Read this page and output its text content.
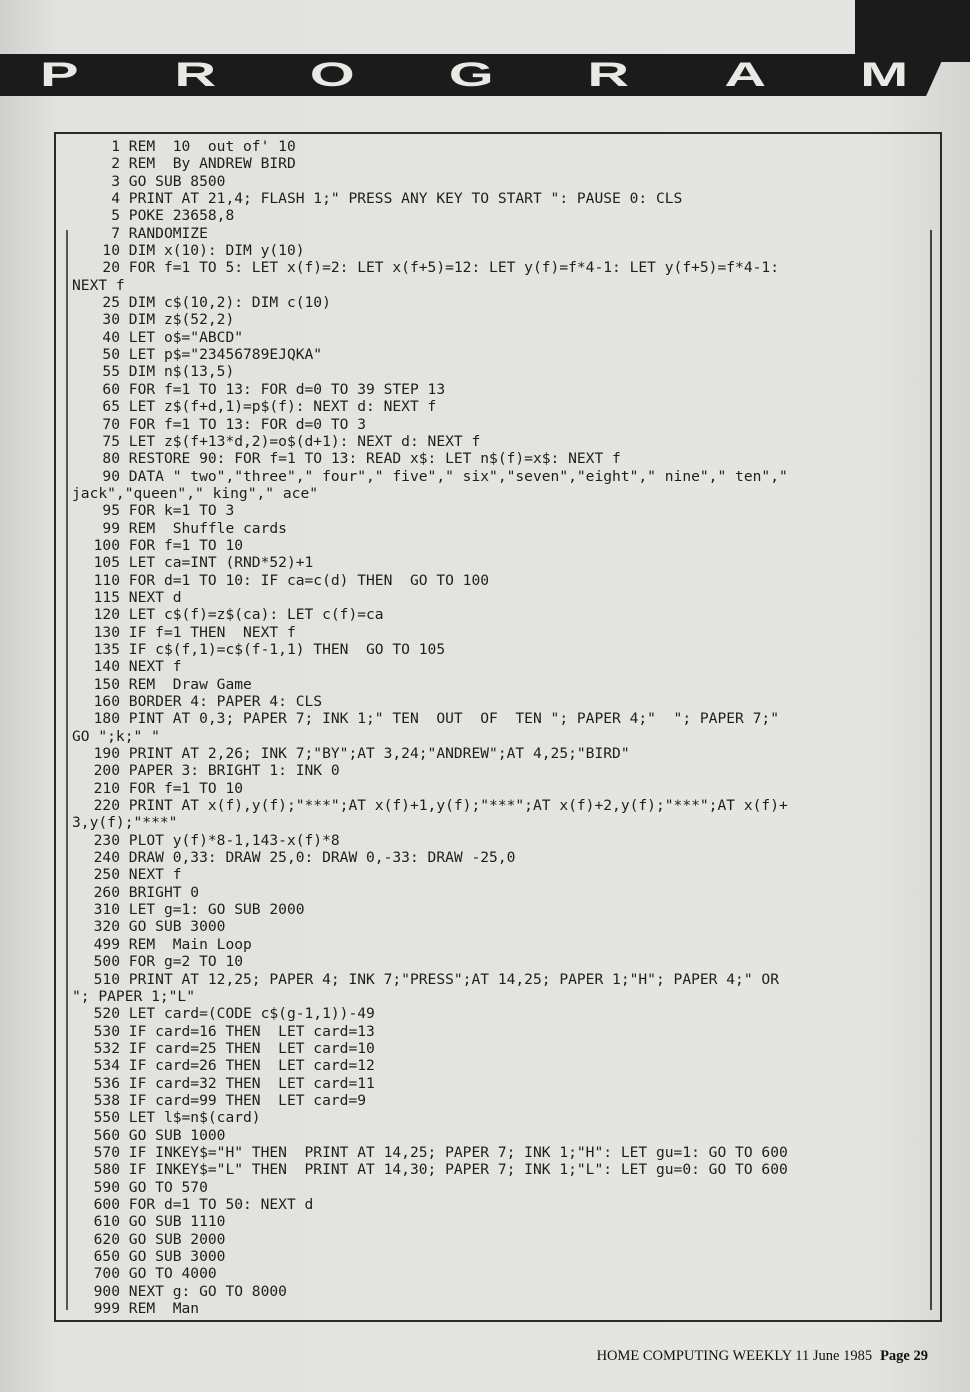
P	R	O	G	R	A	M
1 REM  10  out of' 10
2 REM  By ANDREW BIRD
3 GO SUB 8500
4 PRINT AT 21,4; FLASH 1;" PRESS ANY KEY TO START ": PAUSE 0: CLS
5 POKE 23658,8
7 RANDOMIZE
10 DIM x(10): DIM y(10)
20 FOR f=1 TO 5: LET x(f)=2: LET x(f+5)=12: LET y(f)=f*4-1: LET y(f+5)=f*4-1:
NEXT f
25 DIM c$(10,2): DIM c(10)
30 DIM z$(52,2)
40 LET o$="ABCD"
50 LET p$="23456789EJQKA"
55 DIM n$(13,5)
60 FOR f=1 TO 13: FOR d=0 TO 39 STEP 13
65 LET z$(f+d,1)=p$(f): NEXT d: NEXT f
70 FOR f=1 TO 13: FOR d=0 TO 3
75 LET z$(f+13*d,2)=o$(d+1): NEXT d: NEXT f
80 RESTORE 90: FOR f=1 TO 13: READ x$: LET n$(f)=x$: NEXT f
90 DATA " two","three"," four"," five"," six","seven","eight"," nine"," ten","
jack","queen"," king"," ace"
95 FOR k=1 TO 3
99 REM  Shuffle cards
100 FOR f=1 TO 10
105 LET ca=INT (RND*52)+1
110 FOR d=1 TO 10: IF ca=c(d) THEN  GO TO 100
115 NEXT d
120 LET c$(f)=z$(ca): LET c(f)=ca
130 IF f=1 THEN  NEXT f
135 IF c$(f,1)=c$(f-1,1) THEN  GO TO 105
140 NEXT f
150 REM  Draw Game
160 BORDER 4: PAPER 4: CLS
180 PINT AT 0,3; PAPER 7; INK 1;" TEN  OUT  OF  TEN "; PAPER 4;"  "; PAPER 7;"
GO ";k;" "
190 PRINT AT 2,26; INK 7;"BY";AT 3,24;"ANDREW";AT 4,25;"BIRD"
200 PAPER 3: BRIGHT 1: INK 0
210 FOR f=1 TO 10
220 PRINT AT x(f),y(f);"***";AT x(f)+1,y(f);"***";AT x(f)+2,y(f);"***";AT x(f)+
3,y(f);"***"
230 PLOT y(f)*8-1,143-x(f)*8
240 DRAW 0,33: DRAW 25,0: DRAW 0,-33: DRAW -25,0
250 NEXT f
260 BRIGHT 0
310 LET g=1: GO SUB 2000
320 GO SUB 3000
499 REM  Main Loop
500 FOR g=2 TO 10
510 PRINT AT 12,25; PAPER 4; INK 7;"PRESS";AT 14,25; PAPER 1;"H"; PAPER 4;" OR
"; PAPER 1;"L"
520 LET card=(CODE c$(g-1,1))-49
530 IF card=16 THEN  LET card=13
532 IF card=25 THEN  LET card=10
534 IF card=26 THEN  LET card=12
536 IF card=32 THEN  LET card=11
538 IF card=99 THEN  LET card=9
550 LET l$=n$(card)
560 GO SUB 1000
570 IF INKEY$="H" THEN  PRINT AT 14,25; PAPER 7; INK 1;"H": LET gu=1: GO TO 600
580 IF INKEY$="L" THEN  PRINT AT 14,30; PAPER 7; INK 1;"L": LET gu=0: GO TO 600
590 GO TO 570
600 FOR d=1 TO 50: NEXT d
610 GO SUB 1110
620 GO SUB 2000
650 GO SUB 3000
700 GO TO 4000
900 NEXT g: GO TO 8000
999 REM  Man
HOME COMPUTING WEEKLY 11 June 1985 Page 29
